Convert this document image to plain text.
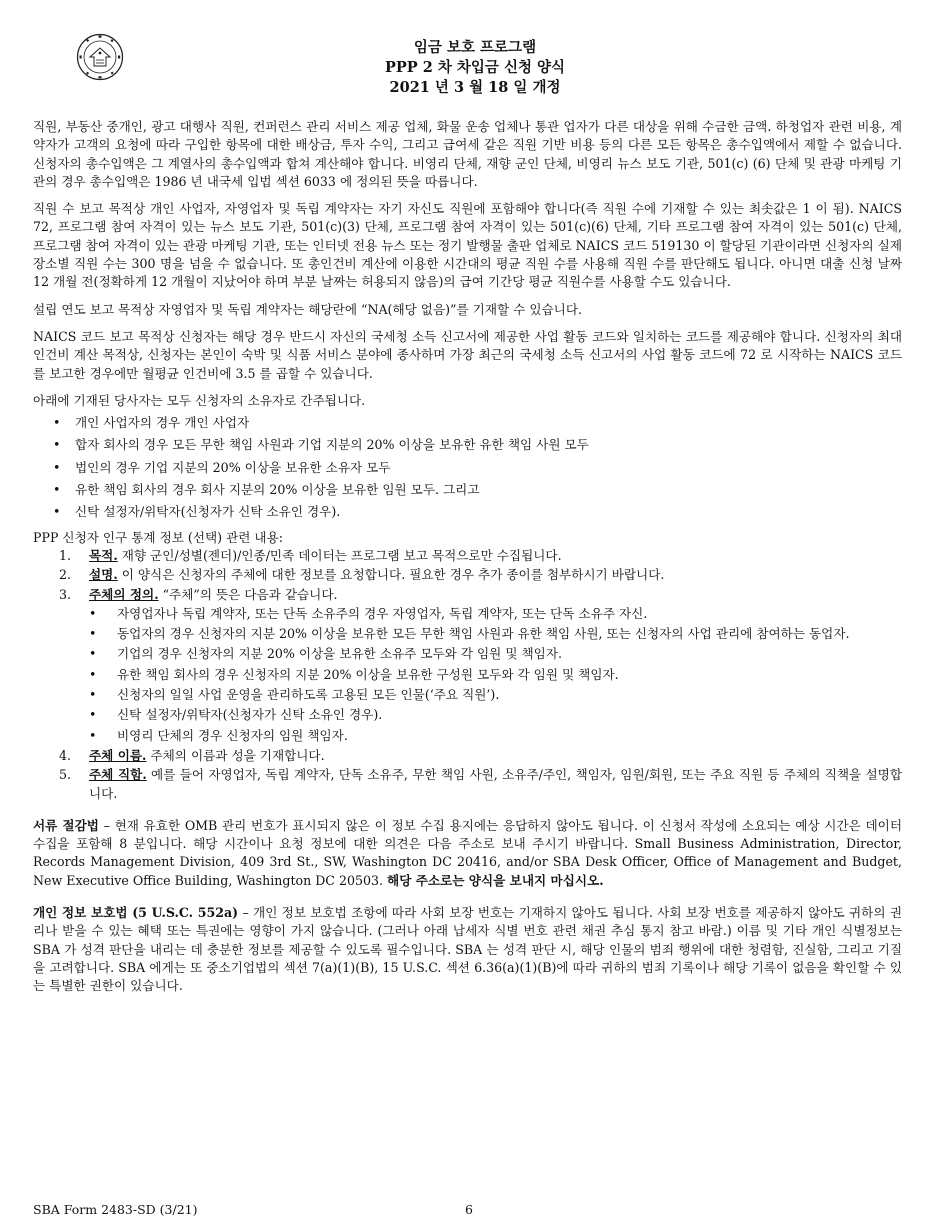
임금 보호 프로그램
PPP 2 차 차입금 신청 양식
2021 년 3 월 18 일 개정

직원, 부동산 중개인, 광고 대행사 직원, 컨퍼런스 관리 서비스 제공 업체, 화물 운송 업체나 통관 업자가 다른 대상을 위해 수금한 금액. 하청업자 관련 비용, 계약자가 고객의 요청에 따라 구입한 항목에 대한 배상금, 투자 수익, 그리고 급여세 같은 직원 기반 비용 등의 다른 모든 항목은 총수입액에서 제할 수 없습니다. 신청자의 총수입액은 그 계열사의 총수입액과 합쳐 계산해야 합니다. 비영리 단체, 재향 군인 단체, 비영리 뉴스 보도 기관, 501(c) (6) 단체 및 관광 마케팅 기관의 경우 총수입액은 1986 년 내국세 입법 섹션 6033 에 정의된 뜻을 따릅니다.

직원 수 보고 목적상 개인 사업자, 자영업자 및 독립 계약자는 자기 자신도 직원에 포함해야 합니다(즉 직원 수에 기재할 수 있는 최솟값은 1 이 됨). NAICS 72, 프로그램 참여 자격이 있는 뉴스 보도 기관, 501(c)(3) 단체, 프로그램 참여 자격이 있는 501(c)(6) 단체, 기타 프로그램 참여 자격이 있는 501(c) 단체, 프로그램 참여 자격이 있는 관광 마케팅 기관, 또는 인터넷 전용 뉴스 또는 정기 발행물 출판 업체로 NAICS 코드 519130 이 할당된 기관이라면 신청자의 실제 장소별 직원 수는 300 명을 넘을 수 없습니다. 또 총인건비 계산에 이용한 시간대의 평균 직원 수를 사용해 직원 수를 판단해도 됩니다. 아니면 대출 신청 날짜 12 개월 전(정확하게 12 개월이 지났어야 하며 부분 날짜는 허용되지 않음)의 급여 기간당 평균 직원수를 사용할 수도 있습니다.

설립 연도 보고 목적상 자영업자 및 독립 계약자는 해당란에 “NA(해당 없음)”를 기재할 수 있습니다.

NAICS 코드 보고 목적상 신청자는 해당 경우 반드시 자신의 국세청 소득 신고서에 제공한 사업 활동 코드와 일치하는 코드를 제공해야 합니다. 신청자의 최대 인건비 계산 목적상, 신청자는 본인이 숙박 및 식품 서비스 분야에 종사하며 가장 최근의 국세청 소득 신고서의 사업 활동 코드에 72 로 시작하는 NAICS 코드를 보고한 경우에만 월평균 인건비에 3.5 를 곱할 수 있습니다.

아래에 기재된 당사자는 모두 신청자의 소유자로 간주됩니다.
• 개인 사업자의 경우 개인 사업자
• 합자 회사의 경우 모든 무한 책임 사원과 기업 지분의 20% 이상을 보유한 유한 책임 사원 모두
• 법인의 경우 기업 지분의 20% 이상을 보유한 소유자 모두
• 유한 책임 회사의 경우 회사 지분의 20% 이상을 보유한 임원 모두. 그리고
• 신탁 설정자/위탁자(신청자가 신탁 소유인 경우).
PPP 신청자 인구 통계 정보 (선택) 관련 내용:
1. 목적. 재향 군인/성별(젠더)/인종/민족 데이터는 프로그램 보고 목적으로만 수집됩니다.
2. 설명. 이 양식은 신청자의 주체에 대한 정보를 요청합니다. 필요한 경우 추가 종이를 첨부하시기 바랍니다.
3. 주체의 정의. “주체”의 뜻은 다음과 같습니다.
• 자영업자나 독립 계약자, 또는 단독 소유주의 경우 자영업자, 독립 계약자, 또는 단독 소유주 자신.
• 동업자의 경우 신청자의 지분 20% 이상을 보유한 모든 무한 책임 사원과 유한 책임 사원, 또는 신청자의 사업 관리에 참여하는 동업자.
• 기업의 경우 신청자의 지분 20% 이상을 보유한 소유주 모두와 각 임원 및 책임자.
• 유한 책임 회사의 경우 신청자의 지분 20% 이상을 보유한 구성원 모두와 각 임원 및 책임자.
• 신청자의 일일 사업 운영을 관리하도록 고용된 모든 인물(‘주요 직원’).
• 신탁 설정자/위탁자(신청자가 신탁 소유인 경우).
• 비영리 단체의 경우 신청자의 임원 책임자.
4. 주체 이름. 주체의 이름과 성을 기재합니다.
5. 주체 직함. 예를 들어 자영업자, 독립 계약자, 단독 소유주, 무한 책임 사원, 소유주/주인, 책임자, 임원/회원, 또는 주요 직원 등 주체의 직책을 설명합니다.

서류 절감법 – 현재 유효한 OMB 관리 번호가 표시되지 않은 이 정보 수집 용지에는 응답하지 않아도 됩니다. 이 신청서 작성에 소요되는 예상 시간은 데이터 수집을 포함해 8 분입니다. 해당 시간이나 요청 정보에 대한 의견은 다음 주소로 보내 주시기 바랍니다. Small Business Administration, Director, Records Management Division, 409 3rd St., SW, Washington DC 20416, and/or SBA Desk Officer, Office of Management and Budget, New Executive Office Building, Washington DC 20503. 해당 주소로는 양식을 보내지 마십시오.

개인 정보 보호법 (5 U.S.C. 552a) – 개인 정보 보호법 조항에 따라 사회 보장 번호는 기재하지 않아도 됩니다. 사회 보장 번호를 제공하지 않아도 귀하의 권리나 받을 수 있는 혜택 또는 특권에는 영향이 가지 않습니다. (그러나 아래 납세자 식별 번호 관련 채권 추심 통지 참고 바람.) 이름 및 기타 개인 식별정보는 SBA 가 성격 판단을 내리는 데 충분한 정보를 제공할 수 있도록 필수입니다. SBA 는 성격 판단 시, 해당 인물의 범죄 행위에 대한 청렴함, 진실함, 그리고 기질을 고려합니다. SBA 에게는 또 중소기업법의 섹션 7(a)(1)(B), 15 U.S.C. 섹션 6.36(a)(1)(B)에 따라 귀하의 범죄 기록이나 해당 기록이 없음을 확인할 수 있는 특별한 권한이 있습니다.

SBA Form 2483-SD (3/21)	6
